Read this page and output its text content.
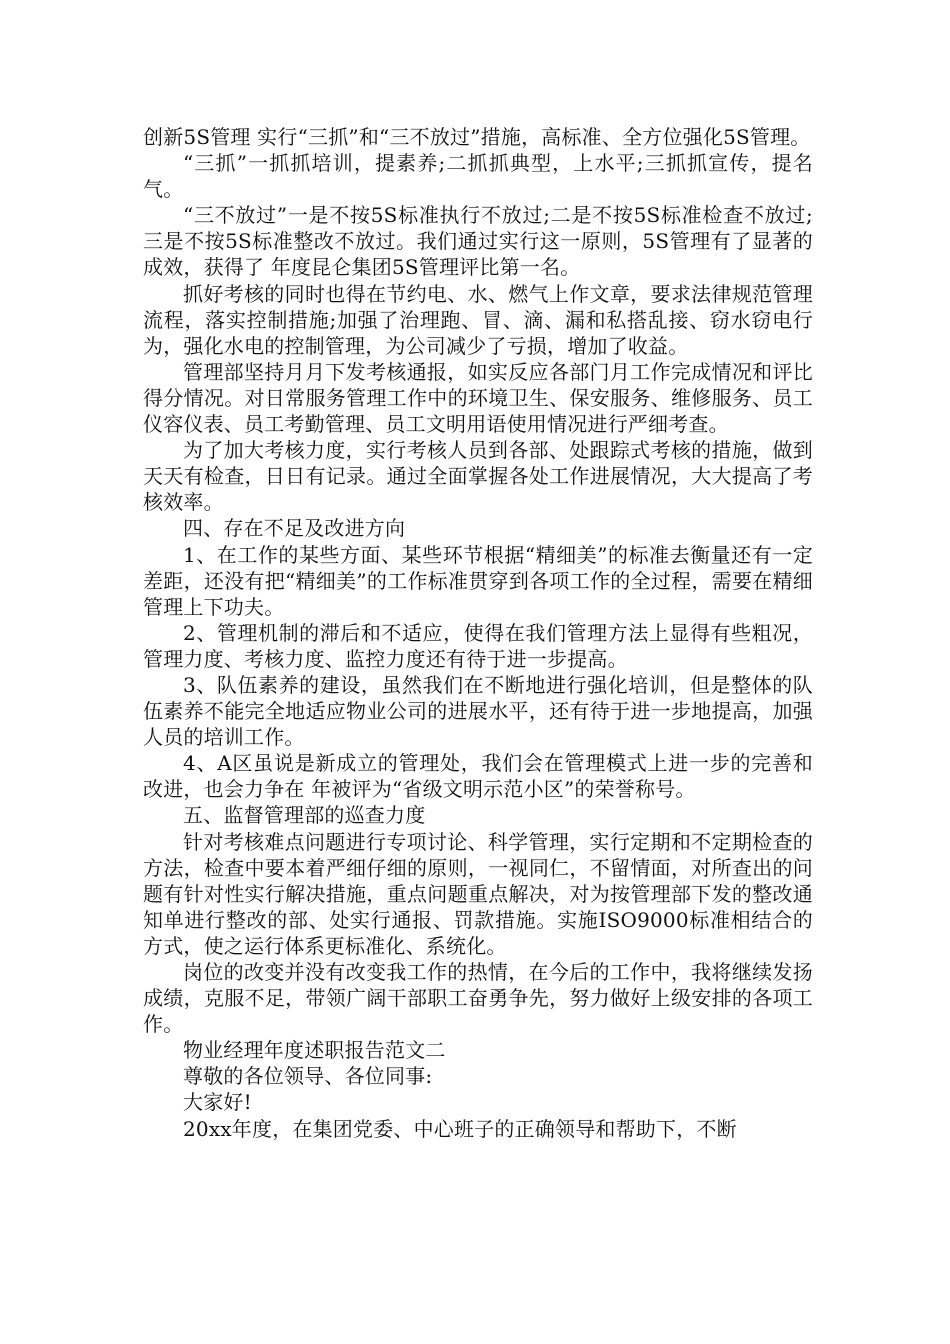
创新5S管理 实行“三抓”和“三不放过”措施，高标准、全方位强化5S管理。

“三抓”一抓抓培训，提素养;二抓抓典型，上水平;三抓抓宣传，提名气。

“三不放过”一是不按5S标准执行不放过;二是不按5S标准检查不放过;三是不按5S标准整改不放过。我们通过实行这一原则，5S管理有了显著的成效，获得了 年度昆仑集团5S管理评比第一名。

抓好考核的同时也得在节约电、水、燃气上作文章，要求法律规范管理流程，落实控制措施;加强了治理跑、冒、滴、漏和私搭乱接、窃水窃电行为，强化水电的控制管理，为公司减少了亏损，增加了收益。

管理部坚持月月下发考核通报，如实反应各部门月工作完成情况和评比得分情况。对日常服务管理工作中的环境卫生、保安服务、维修服务、员工仪容仪表、员工考勤管理、员工文明用语使用情况进行严细考查。

为了加大考核力度，实行考核人员到各部、处跟踪式考核的措施，做到天天有检查，日日有记录。通过全面掌握各处工作进展情况，大大提高了考核效率。

四、存在不足及改进方向

1、在工作的某些方面、某些环节根据“精细美”的标准去衡量还有一定差距，还没有把“精细美”的工作标准贯穿到各项工作的全过程，需要在精细管理上下功夫。

2、管理机制的滞后和不适应，使得在我们管理方法上显得有些粗况，管理力度、考核力度、监控力度还有待于进一步提高。

3、队伍素养的建设，虽然我们在不断地进行强化培训，但是整体的队伍素养不能完全地适应物业公司的进展水平，还有待于进一步地提高，加强人员的培训工作。

4、A区虽说是新成立的管理处，我们会在管理模式上进一步的完善和改进，也会力争在 年被评为“省级文明示范小区”的荣誉称号。

五、监督管理部的巡查力度

针对考核难点问题进行专项讨论、科学管理，实行定期和不定期检查的方法，检查中要本着严细仔细的原则，一视同仁，不留情面，对所查出的问题有针对性实行解决措施，重点问题重点解决，对为按管理部下发的整改通知单进行整改的部、处实行通报、罚款措施。实施ISO9000标准相结合的方式，使之运行体系更标准化、系统化。

岗位的改变并没有改变我工作的热情，在今后的工作中，我将继续发扬成绩，克服不足，带领广阔干部职工奋勇争先，努力做好上级安排的各项工作。

物业经理年度述职报告范文二

尊敬的各位领导、各位同事:

大家好!

20xx年度，在集团党委、中心班子的正确领导和帮助下，不断
